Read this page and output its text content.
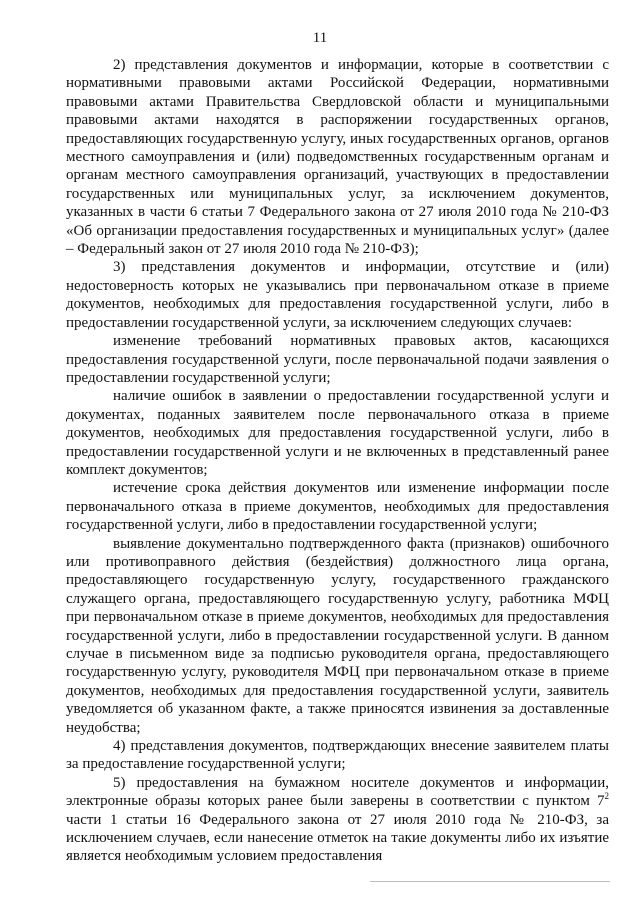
11

2) представления документов и информации, которые в соответствии с нормативными правовыми актами Российской Федерации, нормативными правовыми актами Правительства Свердловской области и муниципальными правовыми актами находятся в распоряжении государственных органов, предоставляющих государственную услугу, иных государственных органов, органов местного самоуправления и (или) подведомственных государственным органам и органам местного самоуправления организаций, участвующих в предоставлении государственных или муниципальных услуг, за исключением документов, указанных в части 6 статьи 7 Федерального закона от 27 июля 2010 года № 210-ФЗ «Об организации предоставления государственных и муниципальных услуг» (далее – Федеральный закон от 27 июля 2010 года № 210-ФЗ);

3) представления документов и информации, отсутствие и (или) недостоверность которых не указывались при первоначальном отказе в приеме документов, необходимых для предоставления государственной услуги, либо в предоставлении государственной услуги, за исключением следующих случаев:

изменение требований нормативных правовых актов, касающихся предоставления государственной услуги, после первоначальной подачи заявления о предоставлении государственной услуги;

наличие ошибок в заявлении о предоставлении государственной услуги и документах, поданных заявителем после первоначального отказа в приеме документов, необходимых для предоставления государственной услуги, либо в предоставлении государственной услуги и не включенных в представленный ранее комплект документов;

истечение срока действия документов или изменение информации после первоначального отказа в приеме документов, необходимых для предоставления государственной услуги, либо в предоставлении государственной услуги;

выявление документально подтвержденного факта (признаков) ошибочного или противоправного действия (бездействия) должностного лица органа, предоставляющего государственную услугу, государственного гражданского служащего органа, предоставляющего государственную услугу, работника МФЦ при первоначальном отказе в приеме документов, необходимых для предоставления государственной услуги, либо в предоставлении государственной услуги. В данном случае в письменном виде за подписью руководителя органа, предоставляющего государственную услугу, руководителя МФЦ при первоначальном отказе в приеме документов, необходимых для предоставления государственной услуги, заявитель уведомляется об указанном факте, а также приносятся извинения за доставленные неудобства;

4) представления документов, подтверждающих внесение заявителем платы за предоставление государственной услуги;

5) предоставления на бумажном носителе документов и информации, электронные образы которых ранее были заверены в соответствии с пунктом $7^2$ части 1 статьи 16 Федерального закона от 27 июля 2010 года № 210-ФЗ, за исключением случаев, если нанесение отметок на такие документы либо их изъятие является необходимым условием предоставления
